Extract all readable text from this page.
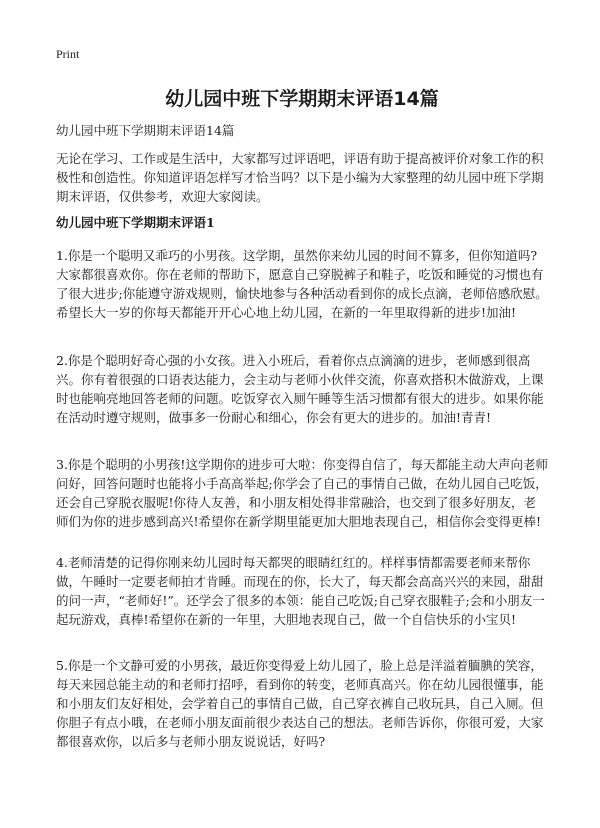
Print
幼儿园中班下学期期末评语14篇

幼儿园中班下学期期末评语14篇

无论在学习、工作或是生活中，大家都写过评语吧，评语有助于提高被评价对象工作的积极性和创造性。你知道评语怎样写才恰当吗？以下是小编为大家整理的幼儿园中班下学期期末评语，仅供参考，欢迎大家阅读。

幼儿园中班下学期期末评语1

1.你是一个聪明又乖巧的小男孩。这学期，虽然你来幼儿园的时间不算多，但你知道吗?大家都很喜欢你。你在老师的帮助下，愿意自己穿脱裤子和鞋子，吃饭和睡觉的习惯也有了很大进步;你能遵守游戏规则，愉快地参与各种活动看到你的成长点滴，老师倍感欣慰。希望长大一岁的你每天都能开开心心地上幼儿园，在新的一年里取得新的进步!加油!

2.你是个聪明好奇心强的小女孩。进入小班后，看着你点点滴滴的进步，老师感到很高兴。你有着很强的口语表达能力，会主动与老师小伙伴交流，你喜欢搭积木做游戏，上课时也能响亮地回答老师的问题。吃饭穿衣入厕午睡等生活习惯都有很大的进步。如果你能在活动时遵守规则，做事多一份耐心和细心，你会有更大的进步的。加油!青青!

3.你是个聪明的小男孩!这学期你的进步可大啦：你变得自信了，每天都能主动大声向老师问好，回答问题时也能将小手高高举起;你学会了自己的事情自己做，在幼儿园自己吃饭，还会自己穿脱衣服呢!你待人友善，和小朋友相处得非常融洽，也交到了很多好朋友，老师们为你的进步感到高兴!希望你在新学期里能更加大胆地表现自己，相信你会变得更棒!

4.老师清楚的记得你刚来幼儿园时每天都哭的眼睛红红的。样样事情都需要老师来帮你做，午睡时一定要老师拍才肯睡。而现在的你，长大了，每天都会高高兴兴的来园，甜甜的问一声，“老师好!”。还学会了很多的本领：能自己吃饭;自己穿衣服鞋子;会和小朋友一起玩游戏，真棒!希望你在新的一年里，大胆地表现自己，做一个自信快乐的小宝贝!

5.你是一个文静可爱的小男孩，最近你变得爱上幼儿园了，脸上总是洋溢着腼腆的笑容，每天来园总能主动的和老师打招呼，看到你的转变，老师真高兴。你在幼儿园很懂事，能和小朋友们友好相处，会学着自己的事情自己做，自己穿衣裤自己收玩具，自己入厕。但你胆子有点小哦，在老师小朋友面前很少表达自己的想法。老师告诉你，你很可爱，大家都很喜欢你，以后多与老师小朋友说说话，好吗?
